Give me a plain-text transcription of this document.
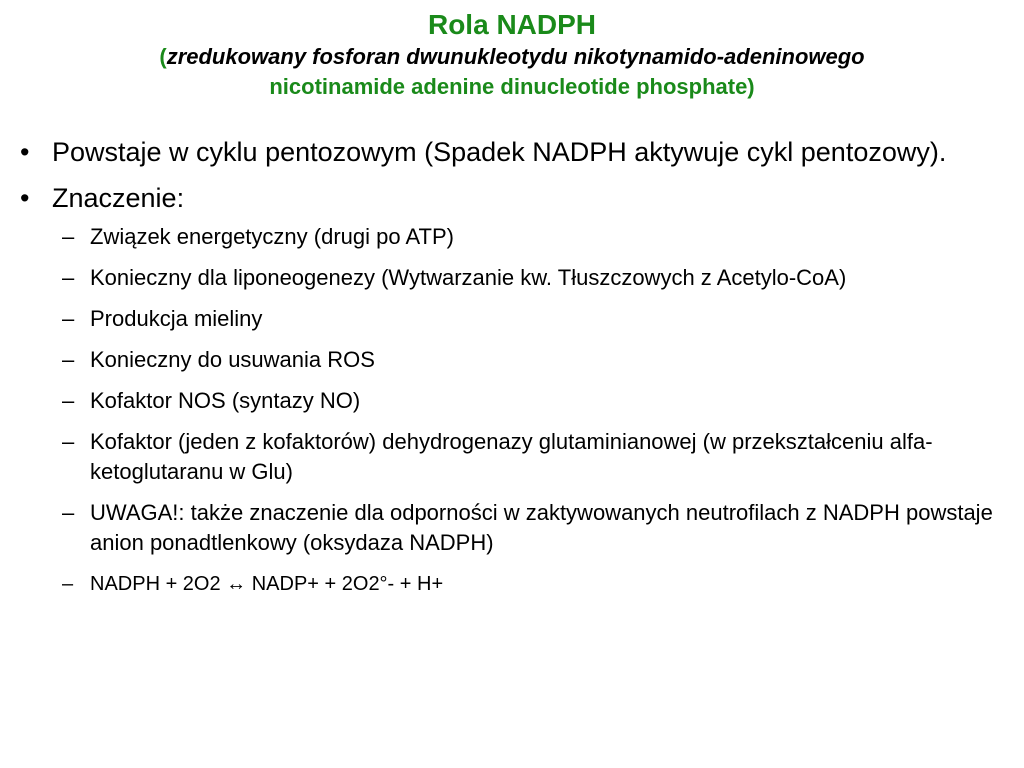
Rola NADPH
(zredukowany fosforan dwunukleotydu nikotynamido-adeninowego
nicotinamide adenine dinucleotide phosphate)
• Powstaje w cyklu pentozowym (Spadek NADPH aktywuje cykl pentozowy).
• Znaczenie:
– Związek energetyczny (drugi po ATP)
– Konieczny dla liponeogenezy (Wytwarzanie kw. Tłuszczowych z Acetylo-CoA)
– Produkcja mieliny
– Konieczny do usuwania ROS
– Kofaktor NOS (syntazy NO)
– Kofaktor (jeden z kofaktorów) dehydrogenazy glutaminianowej (w przekształceniu alfa-ketoglutaranu w Glu)
– UWAGA!: także znaczenie dla odporności w zaktywowanych neutrofilach z NADPH powstaje anion ponadtlenkowy (oksydaza NADPH)
– NADPH + 2O2 ↔ NADP+ + 2O2°- + H+
